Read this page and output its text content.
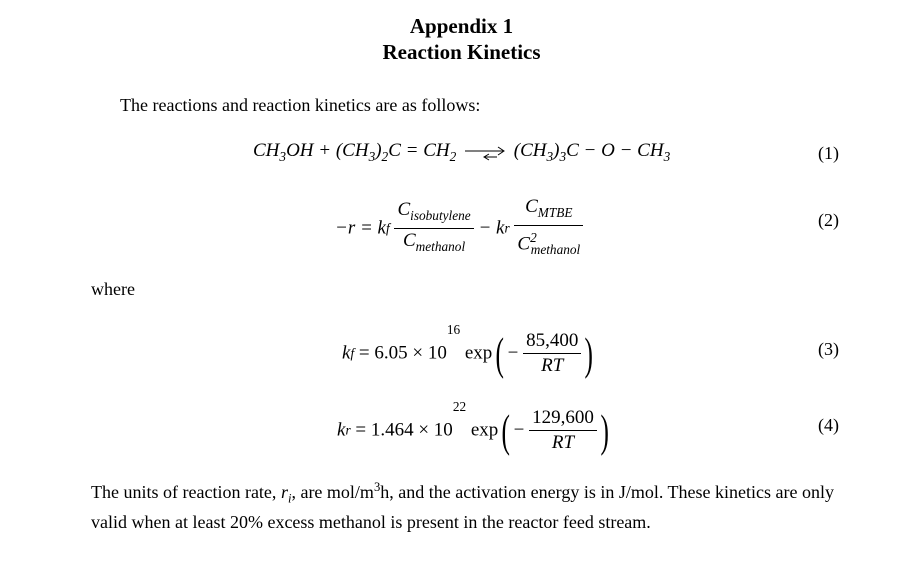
Appendix 1
Reaction Kinetics
The reactions and reaction kinetics are as follows:
$CH_3OH + (CH_3)_2C = CH_2 \to (CH_3)_3C - O - CH_3$	(1)
−r = kf $\frac{C_{isobutylene}}{C_{methanol}}$ − kr $\frac{C_{MTBE}}{C^2_{methanol}}$	(2)
where
kf = $6.05 \times 10^{16}$ $\exp( - \frac{85,400}{RT}$ )	(3)
kr = $1.464 \times 10^{22}$ $\exp( - \frac{129,600}{RT}$ )	(4)
The units of reaction rate, $r_i$, are mol/$m^3h$, and the activation energy is in J/mol. These kinetics are only valid when at least 20% excess methanol is present in the reactor feed stream.
